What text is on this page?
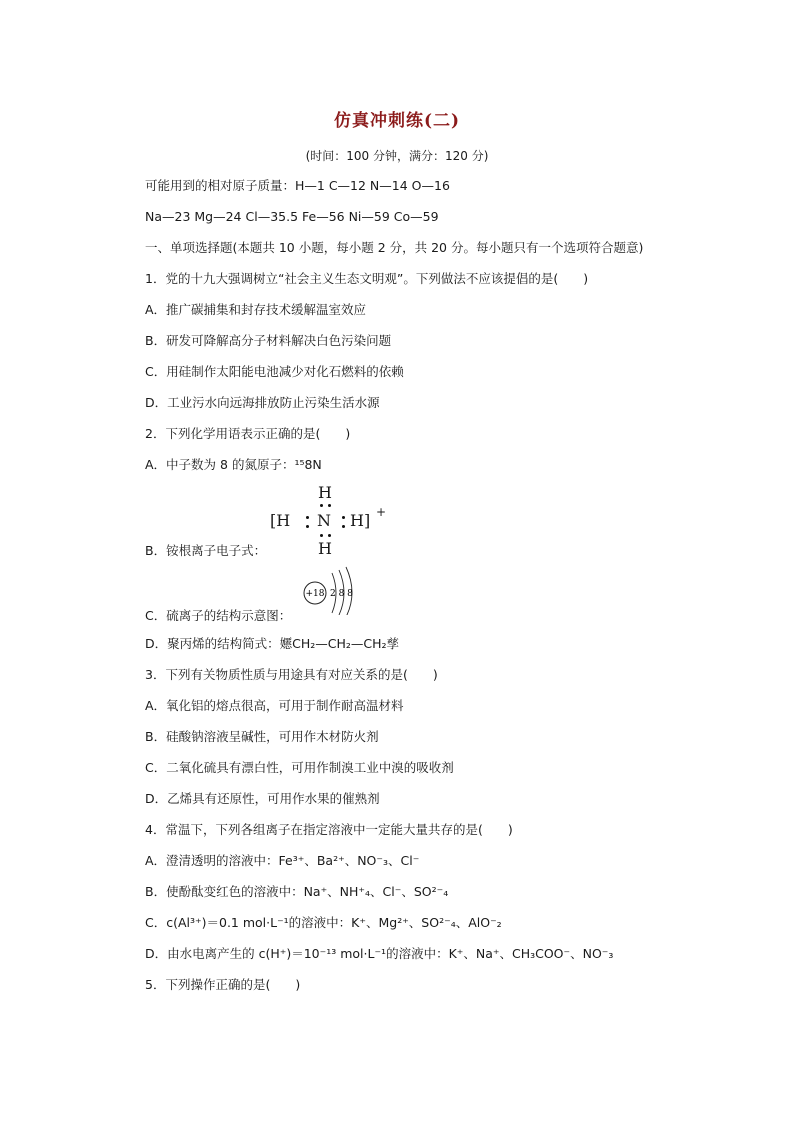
仿真冲刺练(二)
(时间：100 分钟，满分：120 分)
可能用到的相对原子质量：H—1 C—12 N—14 O—16
Na—23 Mg—24 Cl—35.5 Fe—56 Ni—59 Co—59
一、单项选择题(本题共 10 小题，每小题 2 分，共 20 分。每小题只有一个选项符合题意)
1．党的十九大强调树立“社会主义生态文明观”。下列做法不应该提倡的是(　　)
A．推广碳捕集和封存技术缓解温室效应
B．研发可降解高分子材料解决白色污染问题
C．用硅制作太阳能电池减少对化石燃料的依赖
D．工业污水向远海排放防止污染生活水源
2．下列化学用语表示正确的是(　　)
A．中子数为 8 的氮原子：¹⁵8N
H
[H N H] +
H
B．铵根离子电子式：
+18 2 8 8
C．硫离子的结构示意图：
D．聚丙烯的结构简式：嬺CH₂—CH₂—CH₂孳
3．下列有关物质性质与用途具有对应关系的是(　　)
A．氧化铝的熔点很高，可用于制作耐高温材料
B．硅酸钠溶液呈碱性，可用作木材防火剂
C．二氧化硫具有漂白性，可用作制溴工业中溴的吸收剂
D．乙烯具有还原性，可用作水果的催熟剂
4．常温下，下列各组离子在指定溶液中一定能大量共存的是(　　)
A．澄清透明的溶液中：Fe³⁺、Ba²⁺、NO⁻₃、Cl⁻
B．使酚酞变红色的溶液中：Na⁺、NH⁺₄、Cl⁻、SO²⁻₄
C．c(Al³⁺)＝0.1 mol·L⁻¹的溶液中：K⁺、Mg²⁺、SO²⁻₄、AlO⁻₂
D．由水电离产生的 c(H⁺)＝10⁻¹³ mol·L⁻¹的溶液中：K⁺、Na⁺、CH₃COO⁻、NO⁻₃
5．下列操作正确的是(　　)
